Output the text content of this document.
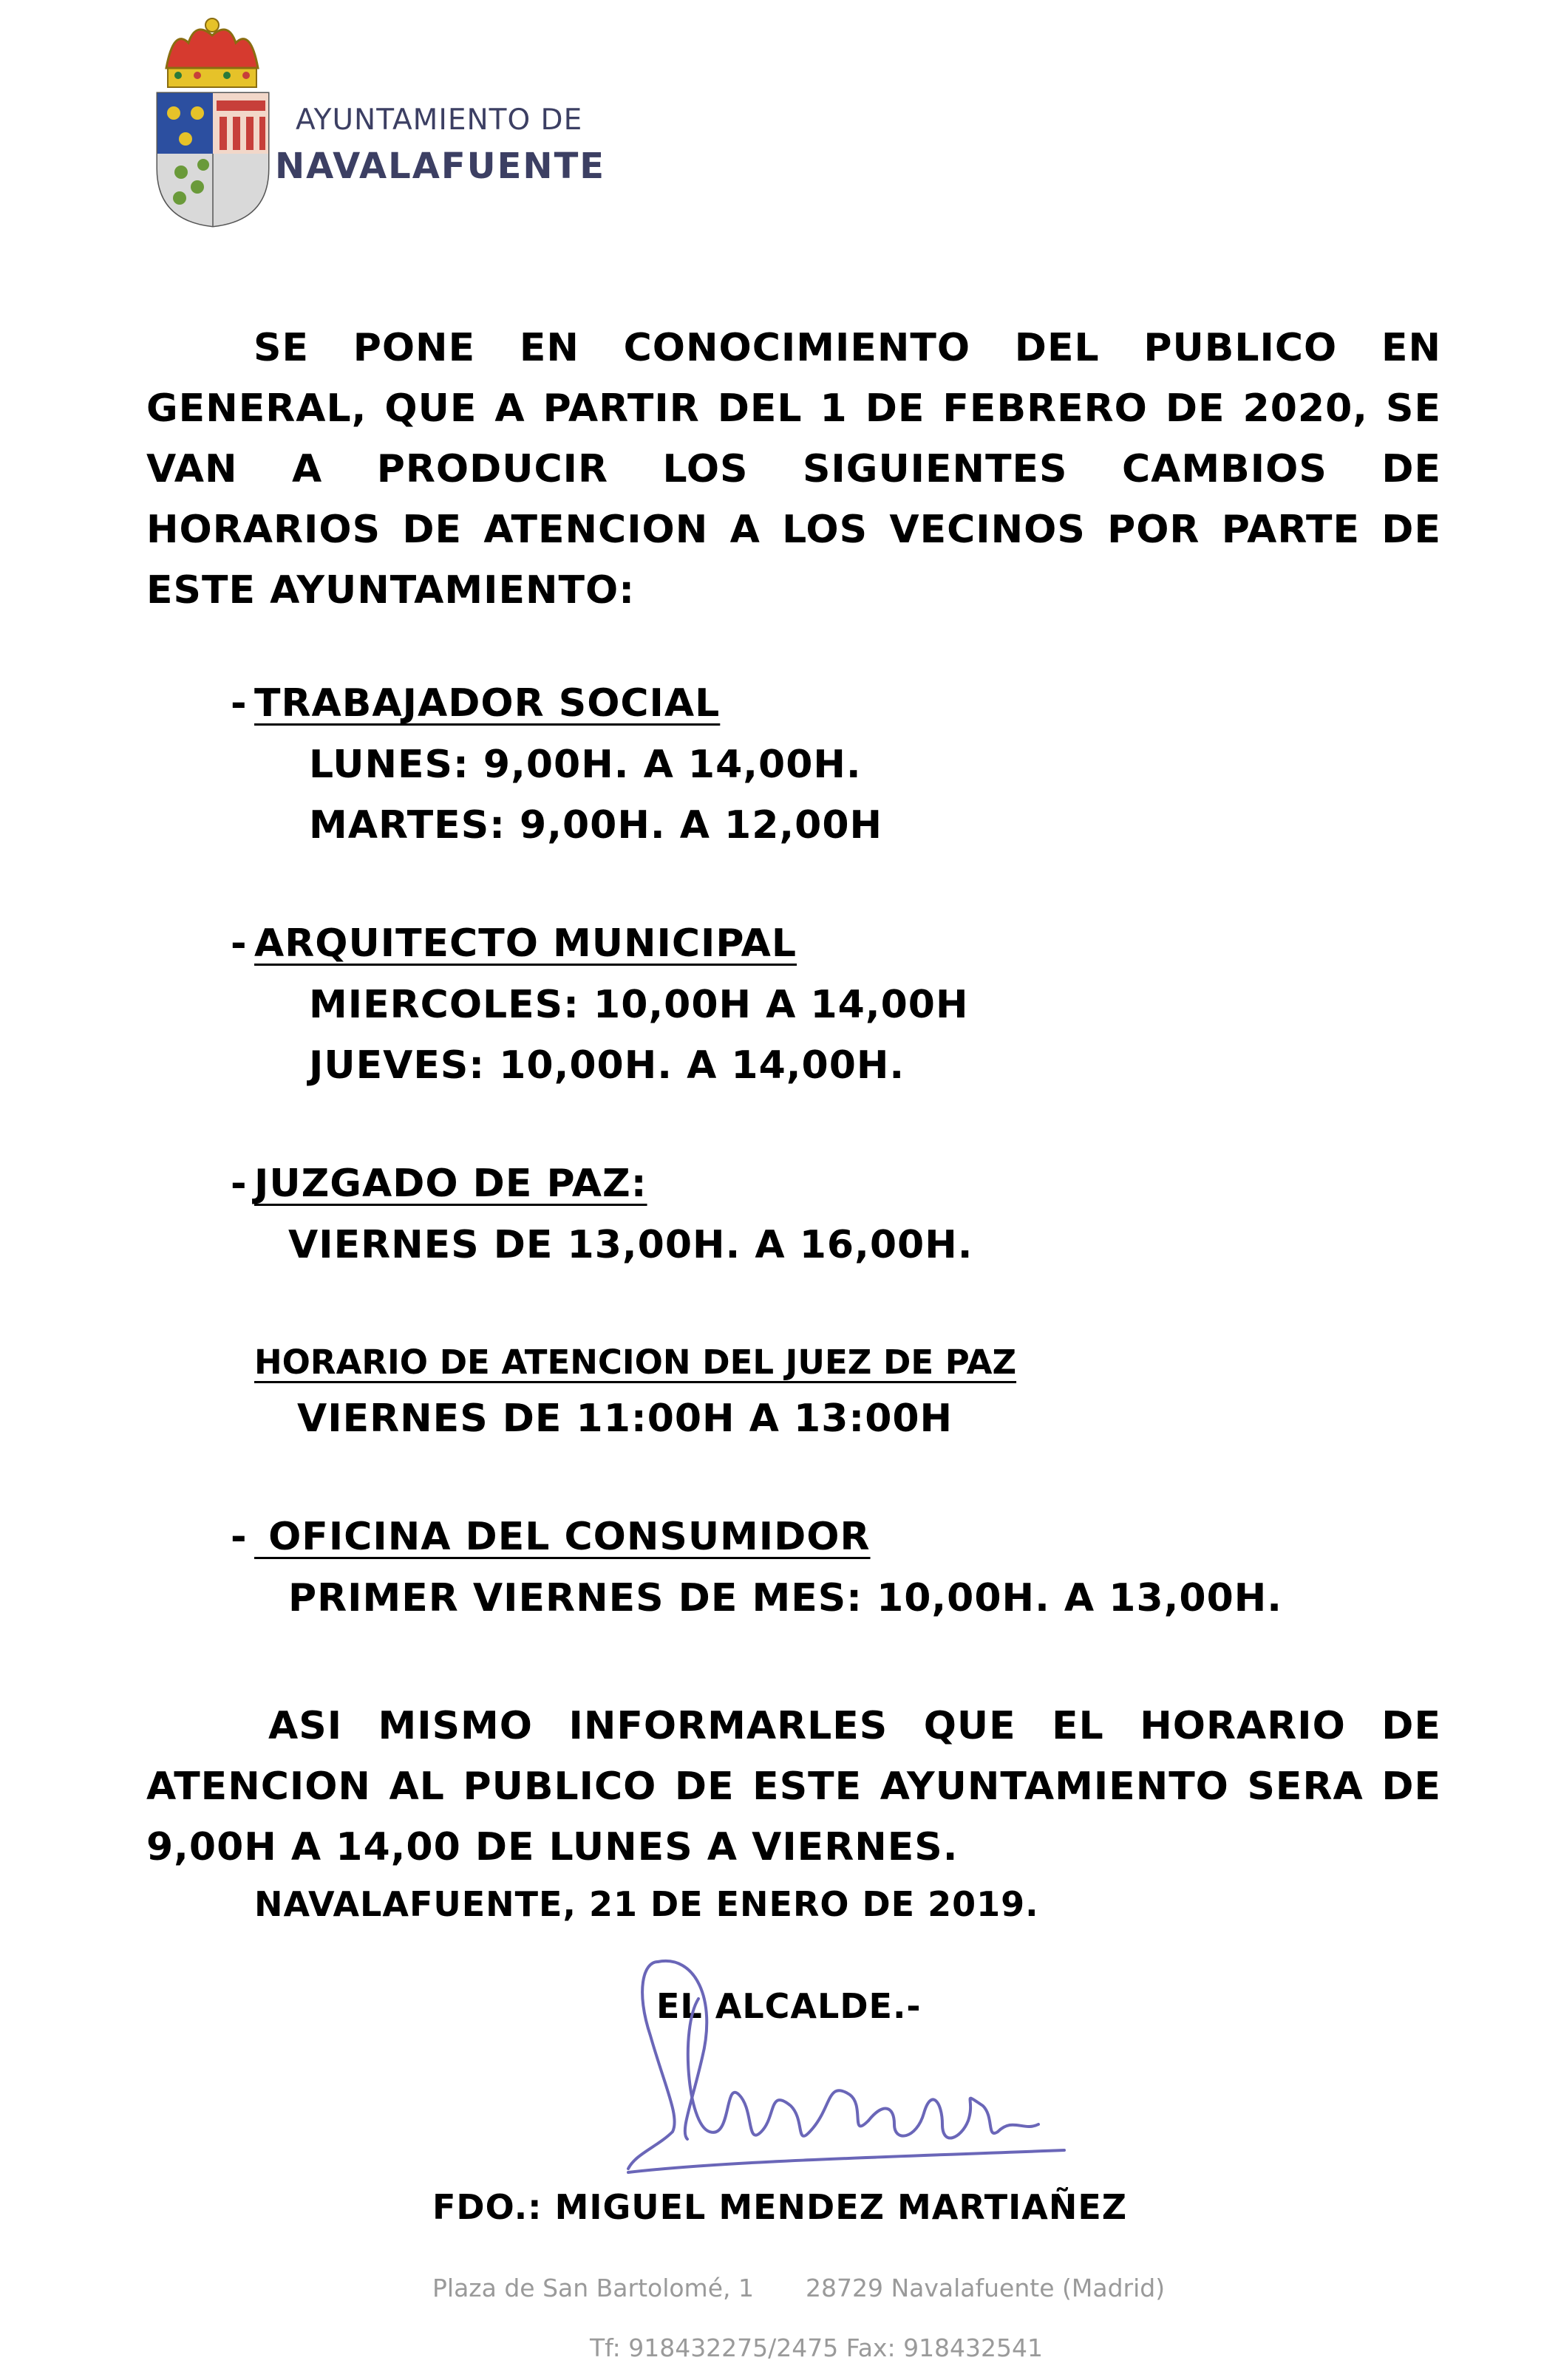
AYUNTAMIENTO DE
NAVALAFUENTE
SE PONE EN CONOCIMIENTO DEL PUBLICO EN GENERAL, QUE A PARTIR DEL 1 DE FEBRERO DE 2020, SE VAN A PRODUCIR LOS SIGUIENTES CAMBIOS DE HORARIOS DE ATENCION A LOS VECINOS POR PARTE DE ESTE AYUNTAMIENTO:
- TRABAJADOR SOCIAL
LUNES: 9,00H. A 14,00H.
MARTES: 9,00H. A 12,00H
- ARQUITECTO MUNICIPAL
MIERCOLES: 10,00H A 14,00H
JUEVES: 10,00H. A 14,00H.
- JUZGADO DE PAZ:
VIERNES DE 13,00H. A 16,00H.
HORARIO DE ATENCION DEL JUEZ DE PAZ
VIERNES DE 11:00H A 13:00H
- OFICINA DEL CONSUMIDOR
PRIMER VIERNES DE MES: 10,00H. A 13,00H.
ASI MISMO INFORMARLES QUE EL HORARIO DE ATENCION AL PUBLICO DE ESTE AYUNTAMIENTO SERA DE 9,00H A 14,00 DE LUNES A VIERNES.
NAVALAFUENTE, 21 DE ENERO DE 2019.
EL ALCALDE.-
FDO.: MIGUEL MENDEZ MARTIAÑEZ
Plaza de San Bartolomé, 1 28729 Navalafuente (Madrid)
Tf: 918432275/2475 Fax: 918432541
